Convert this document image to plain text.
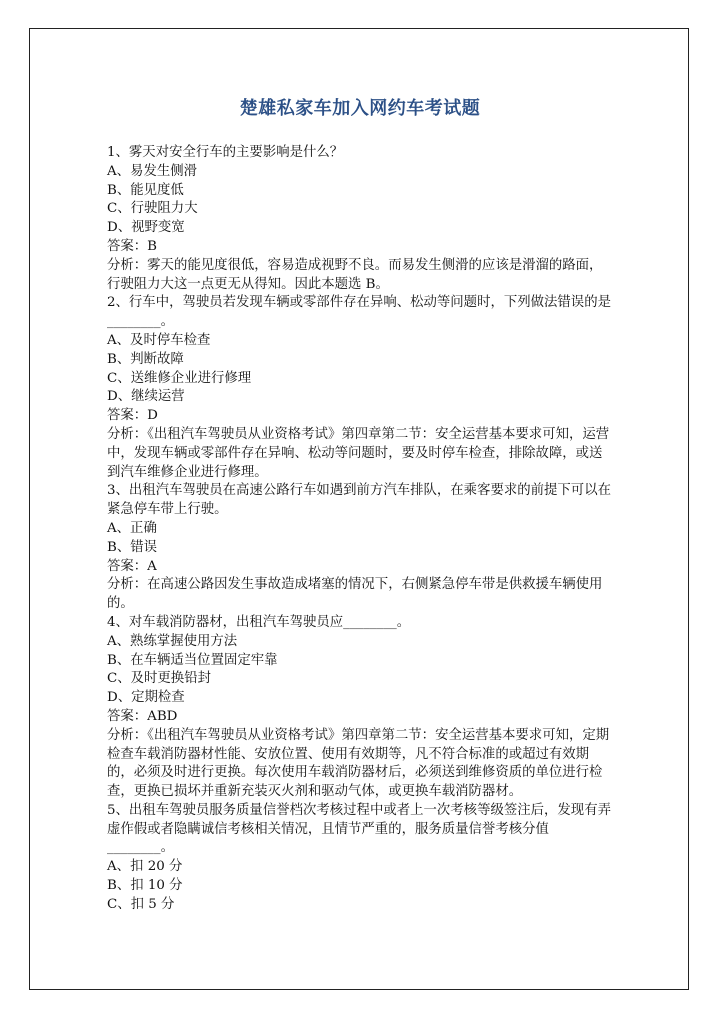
楚雄私家车加入网约车考试题

1、雾天对安全行车的主要影响是什么？

A、易发生侧滑

B、能见度低

C、行驶阻力大

D、视野变宽

答案：B

分析：雾天的能见度很低，容易造成视野不良。而易发生侧滑的应该是滑溜的路面，行驶阻力大这一点更无从得知。因此本题选 B。

2、行车中，驾驶员若发现车辆或零部件存在异响、松动等问题时，下列做法错误的是________。

A、及时停车检查

B、判断故障

C、送维修企业进行修理

D、继续运营

答案：D

分析：《出租汽车驾驶员从业资格考试》第四章第二节：安全运营基本要求可知，运营中，发现车辆或零部件存在异响、松动等问题时，要及时停车检查，排除故障，或送到汽车维修企业进行修理。

3、出租汽车驾驶员在高速公路行车如遇到前方汽车排队，在乘客要求的前提下可以在紧急停车带上行驶。

A、正确

B、错误

答案：A

分析：在高速公路因发生事故造成堵塞的情况下，右侧紧急停车带是供救援车辆使用的。

4、对车载消防器材，出租汽车驾驶员应________。

A、熟练掌握使用方法

B、在车辆适当位置固定牢靠

C、及时更换铅封

D、定期检查

答案：ABD

分析：《出租汽车驾驶员从业资格考试》第四章第二节：安全运营基本要求可知，定期检查车载消防器材性能、安放位置、使用有效期等，凡不符合标准的或超过有效期的，必须及时进行更换。每次使用车载消防器材后，必须送到维修资质的单位进行检查，更换已损坏并重新充装灭火剂和驱动气体，或更换车载消防器材。

5、出租车驾驶员服务质量信誉档次考核过程中或者上一次考核等级签注后，发现有弄虚作假或者隐瞒诚信考核相关情况，且情节严重的，服务质量信誉考核分值________。

A、扣 20 分

B、扣 10 分

C、扣 5 分
